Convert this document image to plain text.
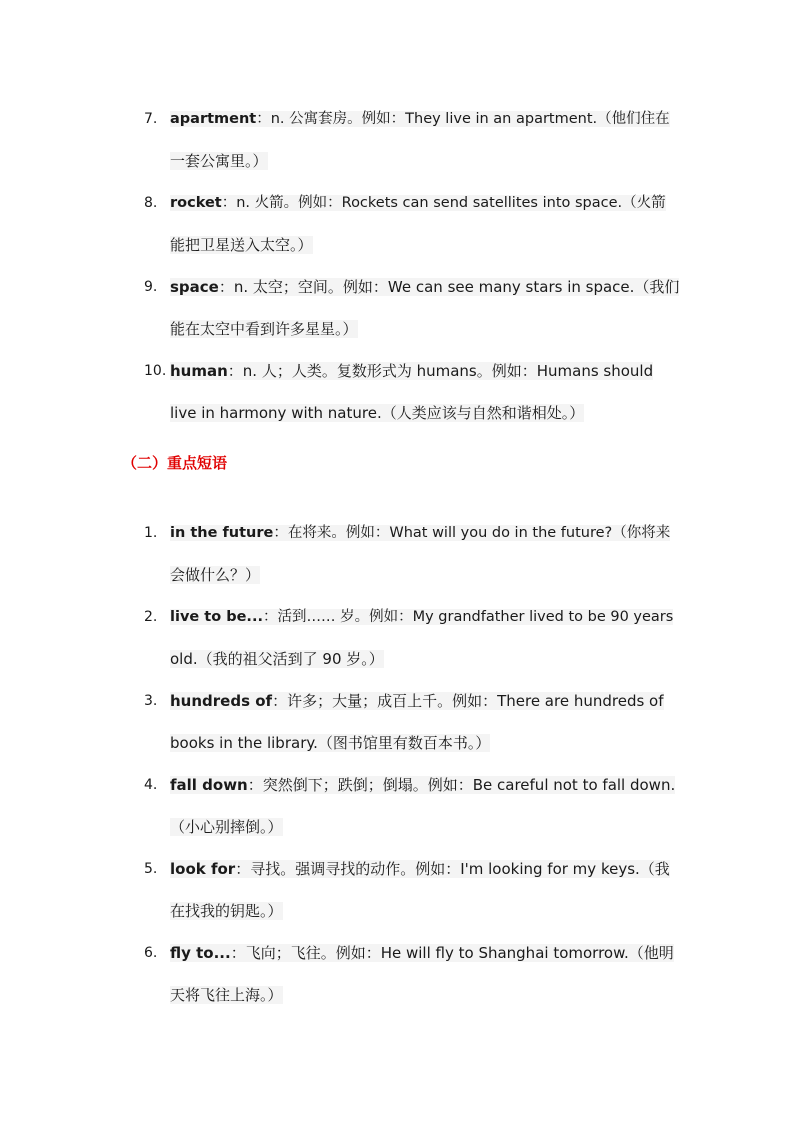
7. apartment：n. 公寓套房。例如：They live in an apartment.（他们住在
一套公寓里。）
8. rocket：n. 火箭。例如：Rockets can send satellites into space.（火箭
能把卫星送入太空。）
9. space：n. 太空；空间。例如：We can see many stars in space.（我们
能在太空中看到许多星星。）
10. human：n. 人；人类。复数形式为 humans。例如：Humans should
live in harmony with nature.（人类应该与自然和谐相处。）
（二）重点短语
1. in the future：在将来。例如：What will you do in the future?（你将来
会做什么？）
2. live to be...：活到…… 岁。例如：My grandfather lived to be 90 years
old.（我的祖父活到了 90 岁。）
3. hundreds of：许多；大量；成百上千。例如：There are hundreds of
books in the library.（图书馆里有数百本书。）
4. fall down：突然倒下；跌倒；倒塌。例如：Be careful not to fall down.
（小心别摔倒。）
5. look for：寻找。强调寻找的动作。例如：I'm looking for my keys.（我
在找我的钥匙。）
6. fly to...：飞向；飞往。例如：He will fly to Shanghai tomorrow.（他明
天将飞往上海。）
